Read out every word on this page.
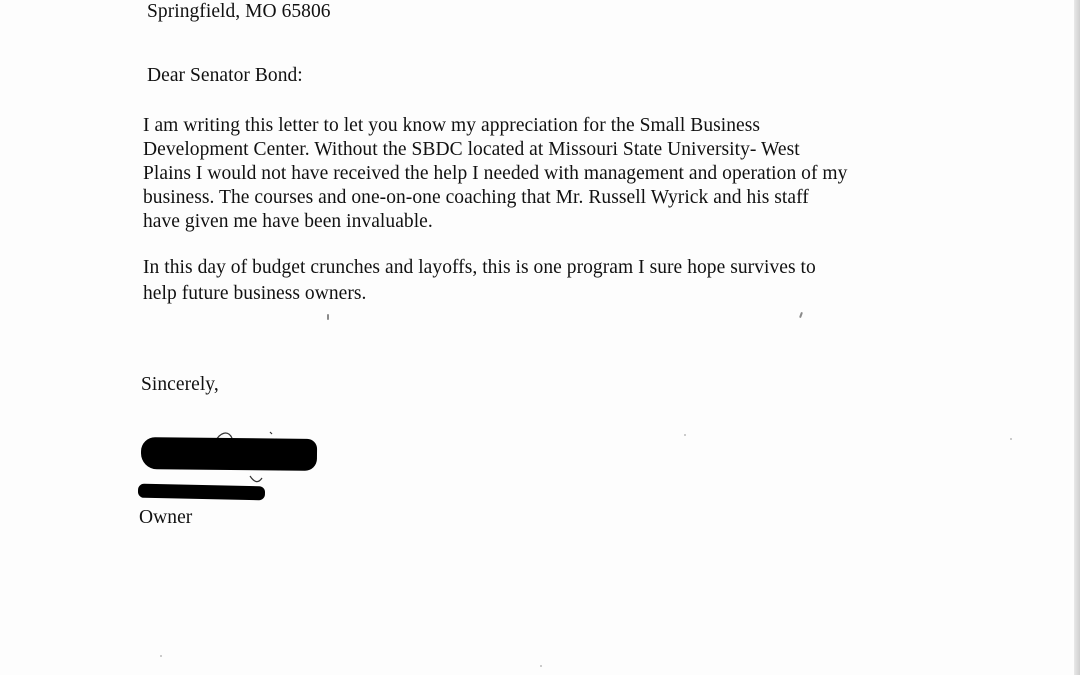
Springfield, MO 65806
Dear Senator Bond:
I am writing this letter to let you know my appreciation for the Small Business
Development Center. Without the SBDC located at Missouri State University- West
Plains I would not have received the help I needed with management and operation of my
business. The courses and one-on-one coaching that Mr. Russell Wyrick and his staff
have given me have been invaluable.
In this day of budget crunches and layoffs, this is one program I sure hope survives to
help future business owners.
Sincerely,
Owner
